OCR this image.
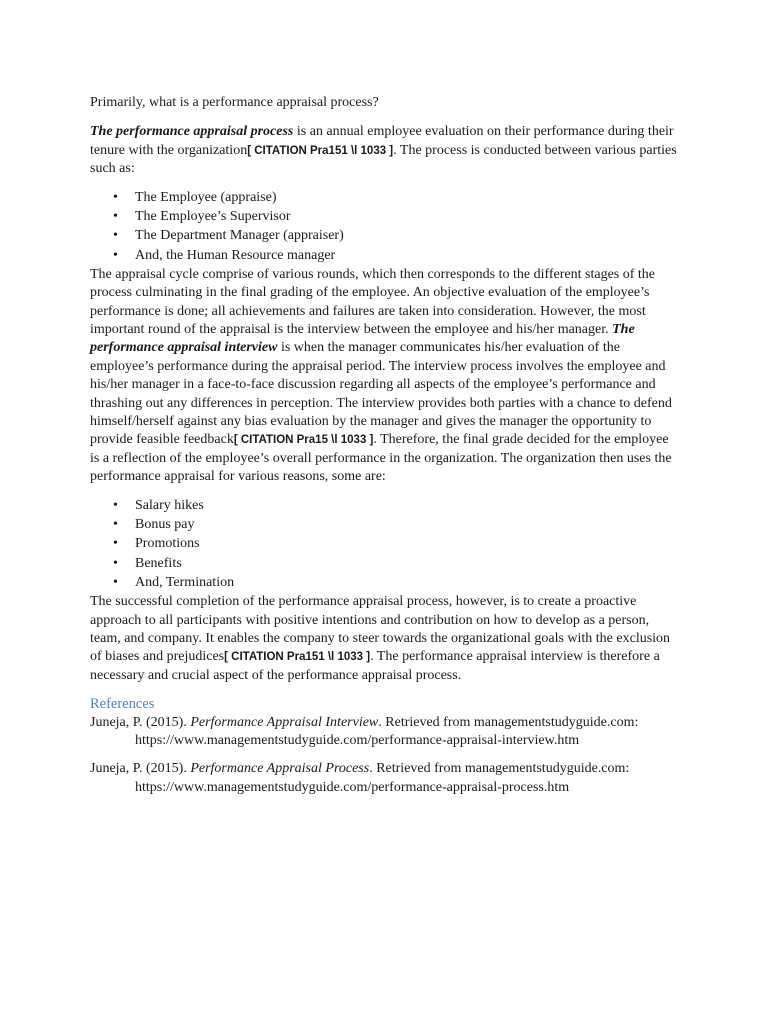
Primarily, what is a performance appraisal process?

The performance appraisal process is an annual employee evaluation on their performance during their tenure with the organization[ CITATION Pra151 \l 1033 ]. The process is conducted between various parties such as:

• The Employee (appraise)
• The Employee’s Supervisor
• The Department Manager (appraiser)
• And, the Human Resource manager

The appraisal cycle comprise of various rounds, which then corresponds to the different stages of the process culminating in the final grading of the employee. An objective evaluation of the employee’s performance is done; all achievements and failures are taken into consideration. However, the most important round of the appraisal is the interview between the employee and his/her manager. The performance appraisal interview is when the manager communicates his/her evaluation of the employee’s performance during the appraisal period. The interview process involves the employee and his/her manager in a face-to-face discussion regarding all aspects of the employee’s performance and thrashing out any differences in perception. The interview provides both parties with a chance to defend himself/herself against any bias evaluation by the manager and gives the manager the opportunity to provide feasible feedback[ CITATION Pra15 \l 1033 ]. Therefore, the final grade decided for the employee is a reflection of the employee’s overall performance in the organization. The organization then uses the performance appraisal for various reasons, some are:

• Salary hikes
• Bonus pay
• Promotions
• Benefits
• And, Termination

The successful completion of the performance appraisal process, however, is to create a proactive approach to all participants with positive intentions and contribution on how to develop as a person, team, and company. It enables the company to steer towards the organizational goals with the exclusion of biases and prejudices[ CITATION Pra151 \l 1033 ]. The performance appraisal interview is therefore a necessary and crucial aspect of the performance appraisal process.

References

Juneja, P. (2015). Performance Appraisal Interview. Retrieved from managementstudyguide.com: https://www.managementstudyguide.com/performance-appraisal-interview.htm

Juneja, P. (2015). Performance Appraisal Process. Retrieved from managementstudyguide.com: https://www.managementstudyguide.com/performance-appraisal-process.htm
